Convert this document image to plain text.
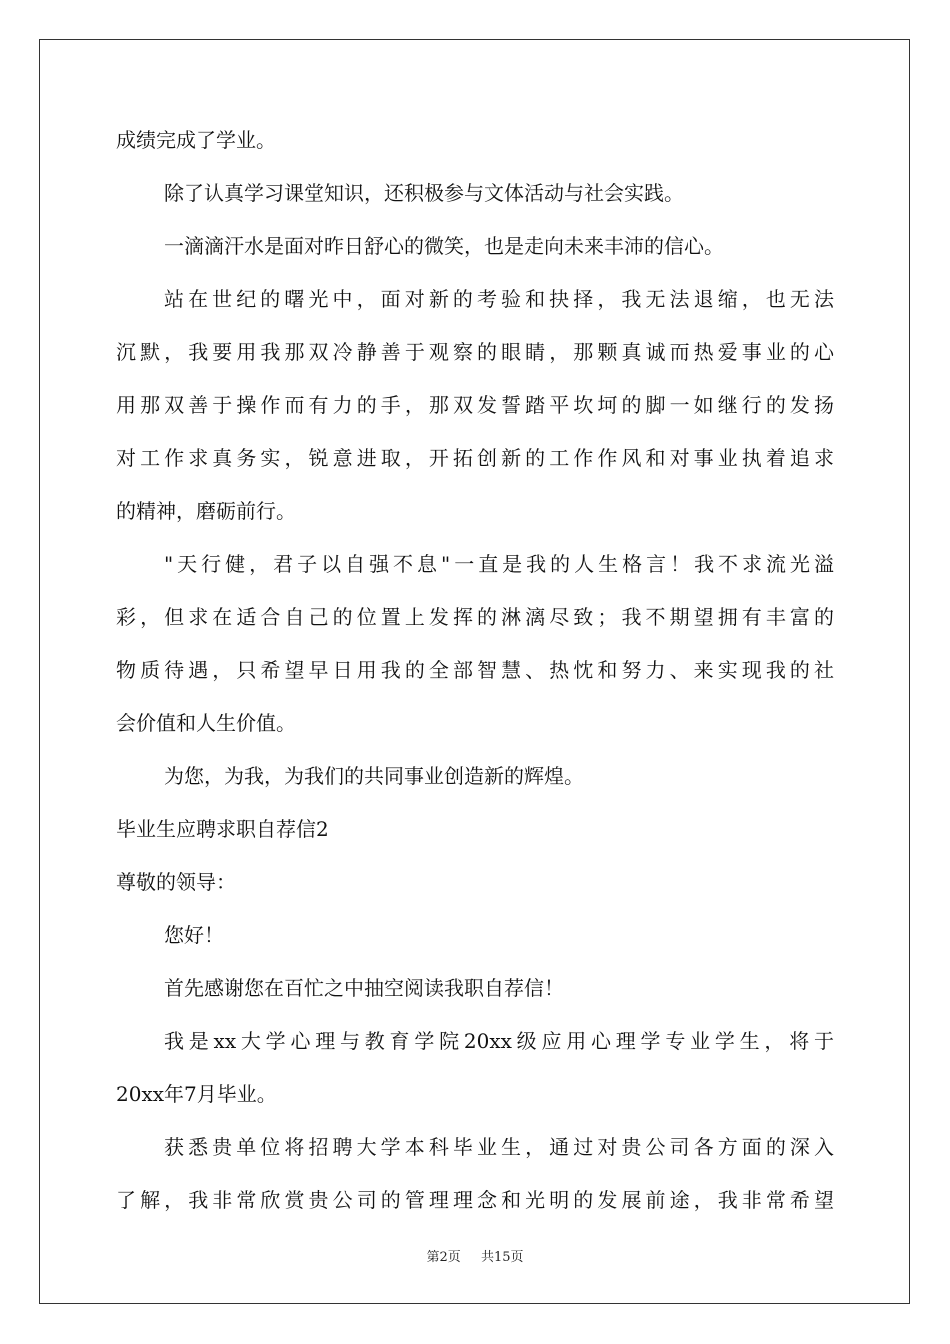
成绩完成了学业。
除了认真学习课堂知识，还积极参与文体活动与社会实践。
一滴滴汗水是面对昨日舒心的微笑，也是走向未来丰沛的信心。
站在世纪的曙光中，面对新的考验和抉择，我无法退缩，也无法
沉默，我要用我那双冷静善于观察的眼睛，那颗真诚而热爱事业的心
用那双善于操作而有力的手，那双发誓踏平坎坷的脚一如继行的发扬
对工作求真务实，锐意进取，开拓创新的工作作风和对事业执着追求
的精神，磨砺前行。
"天行健，君子以自强不息"一直是我的人生格言！我不求流光溢
彩，但求在适合自己的位置上发挥的淋漓尽致；我不期望拥有丰富的
物质待遇，只希望早日用我的全部智慧、热忱和努力、来实现我的社
会价值和人生价值。
为您，为我，为我们的共同事业创造新的辉煌。
毕业生应聘求职自荐信2
尊敬的领导：
您好！
首先感谢您在百忙之中抽空阅读我职自荐信！
我是xx大学心理与教育学院20xx级应用心理学专业学生，将于
20xx年7月毕业。
获悉贵单位将招聘大学本科毕业生，通过对贵公司各方面的深入
了解，我非常欣赏贵公司的管理理念和光明的发展前途，我非常希望
第2页 共15页
